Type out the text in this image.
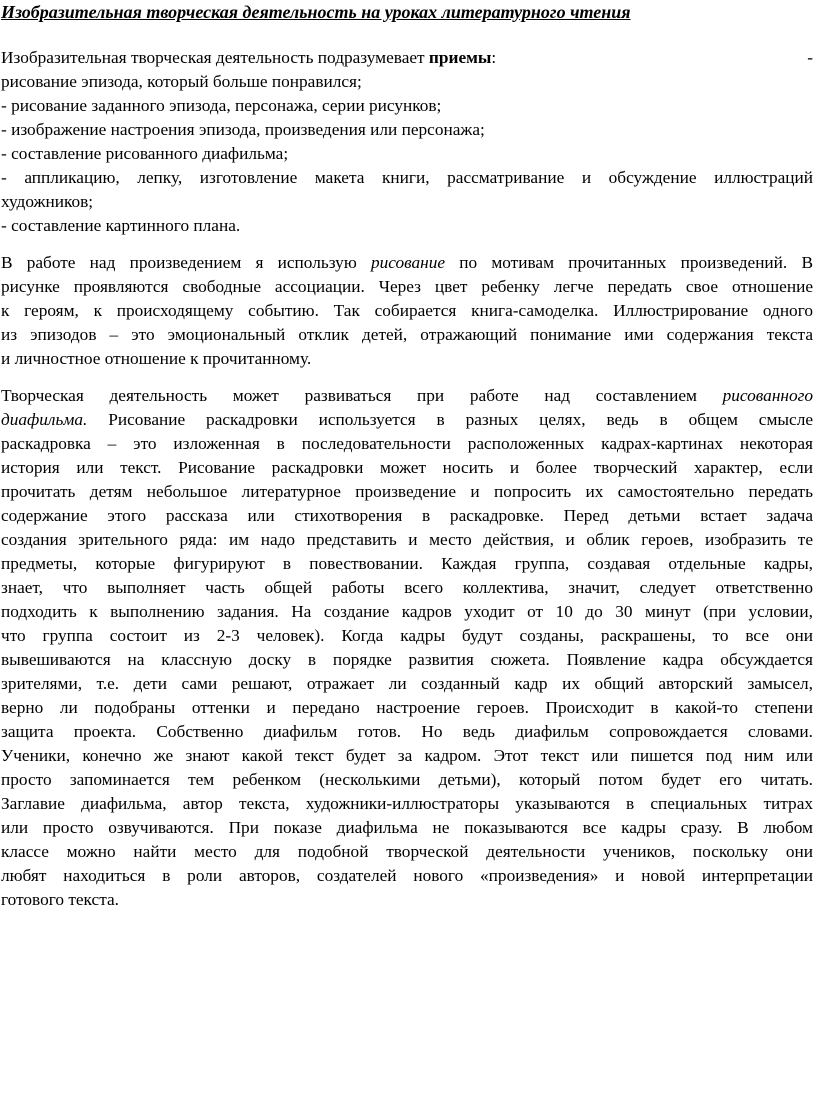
Изобразительная творческая деятельность на уроках литературного чтения
Изобразительная творческая деятельность подразумевает приемы:	-
рисование эпизода, который больше понравился;
- рисование заданного эпизода, персонажа, серии рисунков;
- изображение настроения эпизода, произведения или персонажа;
- составление рисованного диафильма;
- аппликацию, лепку, изготовление макета книги, рассматривание и обсуждение иллюстраций
художников;
- составление картинного плана.
В работе над произведением я использую рисование по мотивам прочитанных произведений. В
рисунке проявляются свободные ассоциации. Через цвет ребенку легче передать свое отношение
к героям, к происходящему событию. Так собирается книга-самоделка. Иллюстрирование одного
из эпизодов – это эмоциональный отклик детей, отражающий понимание ими содержания текста
и личностное отношение к прочитанному.
Творческая деятельность может развиваться при работе над составлением рисованного
диафильма. Рисование раскадровки используется в разных целях, ведь в общем смысле
раскадровка – это изложенная в последовательности расположенных кадрах-картинах некоторая
история или текст. Рисование раскадровки может носить и более творческий характер, если
прочитать детям небольшое литературное произведение и попросить их самостоятельно передать
содержание этого рассказа или стихотворения в раскадровке. Перед детьми встает задача
создания зрительного ряда: им надо представить и место действия, и облик героев, изобразить те
предметы, которые фигурируют в повествовании. Каждая группа, создавая отдельные кадры,
знает, что выполняет часть общей работы всего коллектива, значит, следует ответственно
подходить к выполнению задания. На создание кадров уходит от 10 до 30 минут (при условии,
что группа состоит из 2-3 человек). Когда кадры будут созданы, раскрашены, то все они
вывешиваются на классную доску в порядке развития сюжета. Появление кадра обсуждается
зрителями, т.е. дети сами решают, отражает ли созданный кадр их общий авторский замысел,
верно ли подобраны оттенки и передано настроение героев. Происходит в какой-то степени
защита проекта. Собственно диафильм готов. Но ведь диафильм сопровождается словами.
Ученики, конечно же знают какой текст будет за кадром. Этот текст или пишется под ним или
просто запоминается тем ребенком (несколькими детьми), который потом будет его читать.
Заглавие диафильма, автор текста, художники-иллюстраторы указываются в специальных титрах
или просто озвучиваются. При показе диафильма не показываются все кадры сразу. В любом
классе можно найти место для подобной творческой деятельности учеников, поскольку они
любят находиться в роли авторов, создателей нового «произведения» и новой интерпретации
готового текста.
